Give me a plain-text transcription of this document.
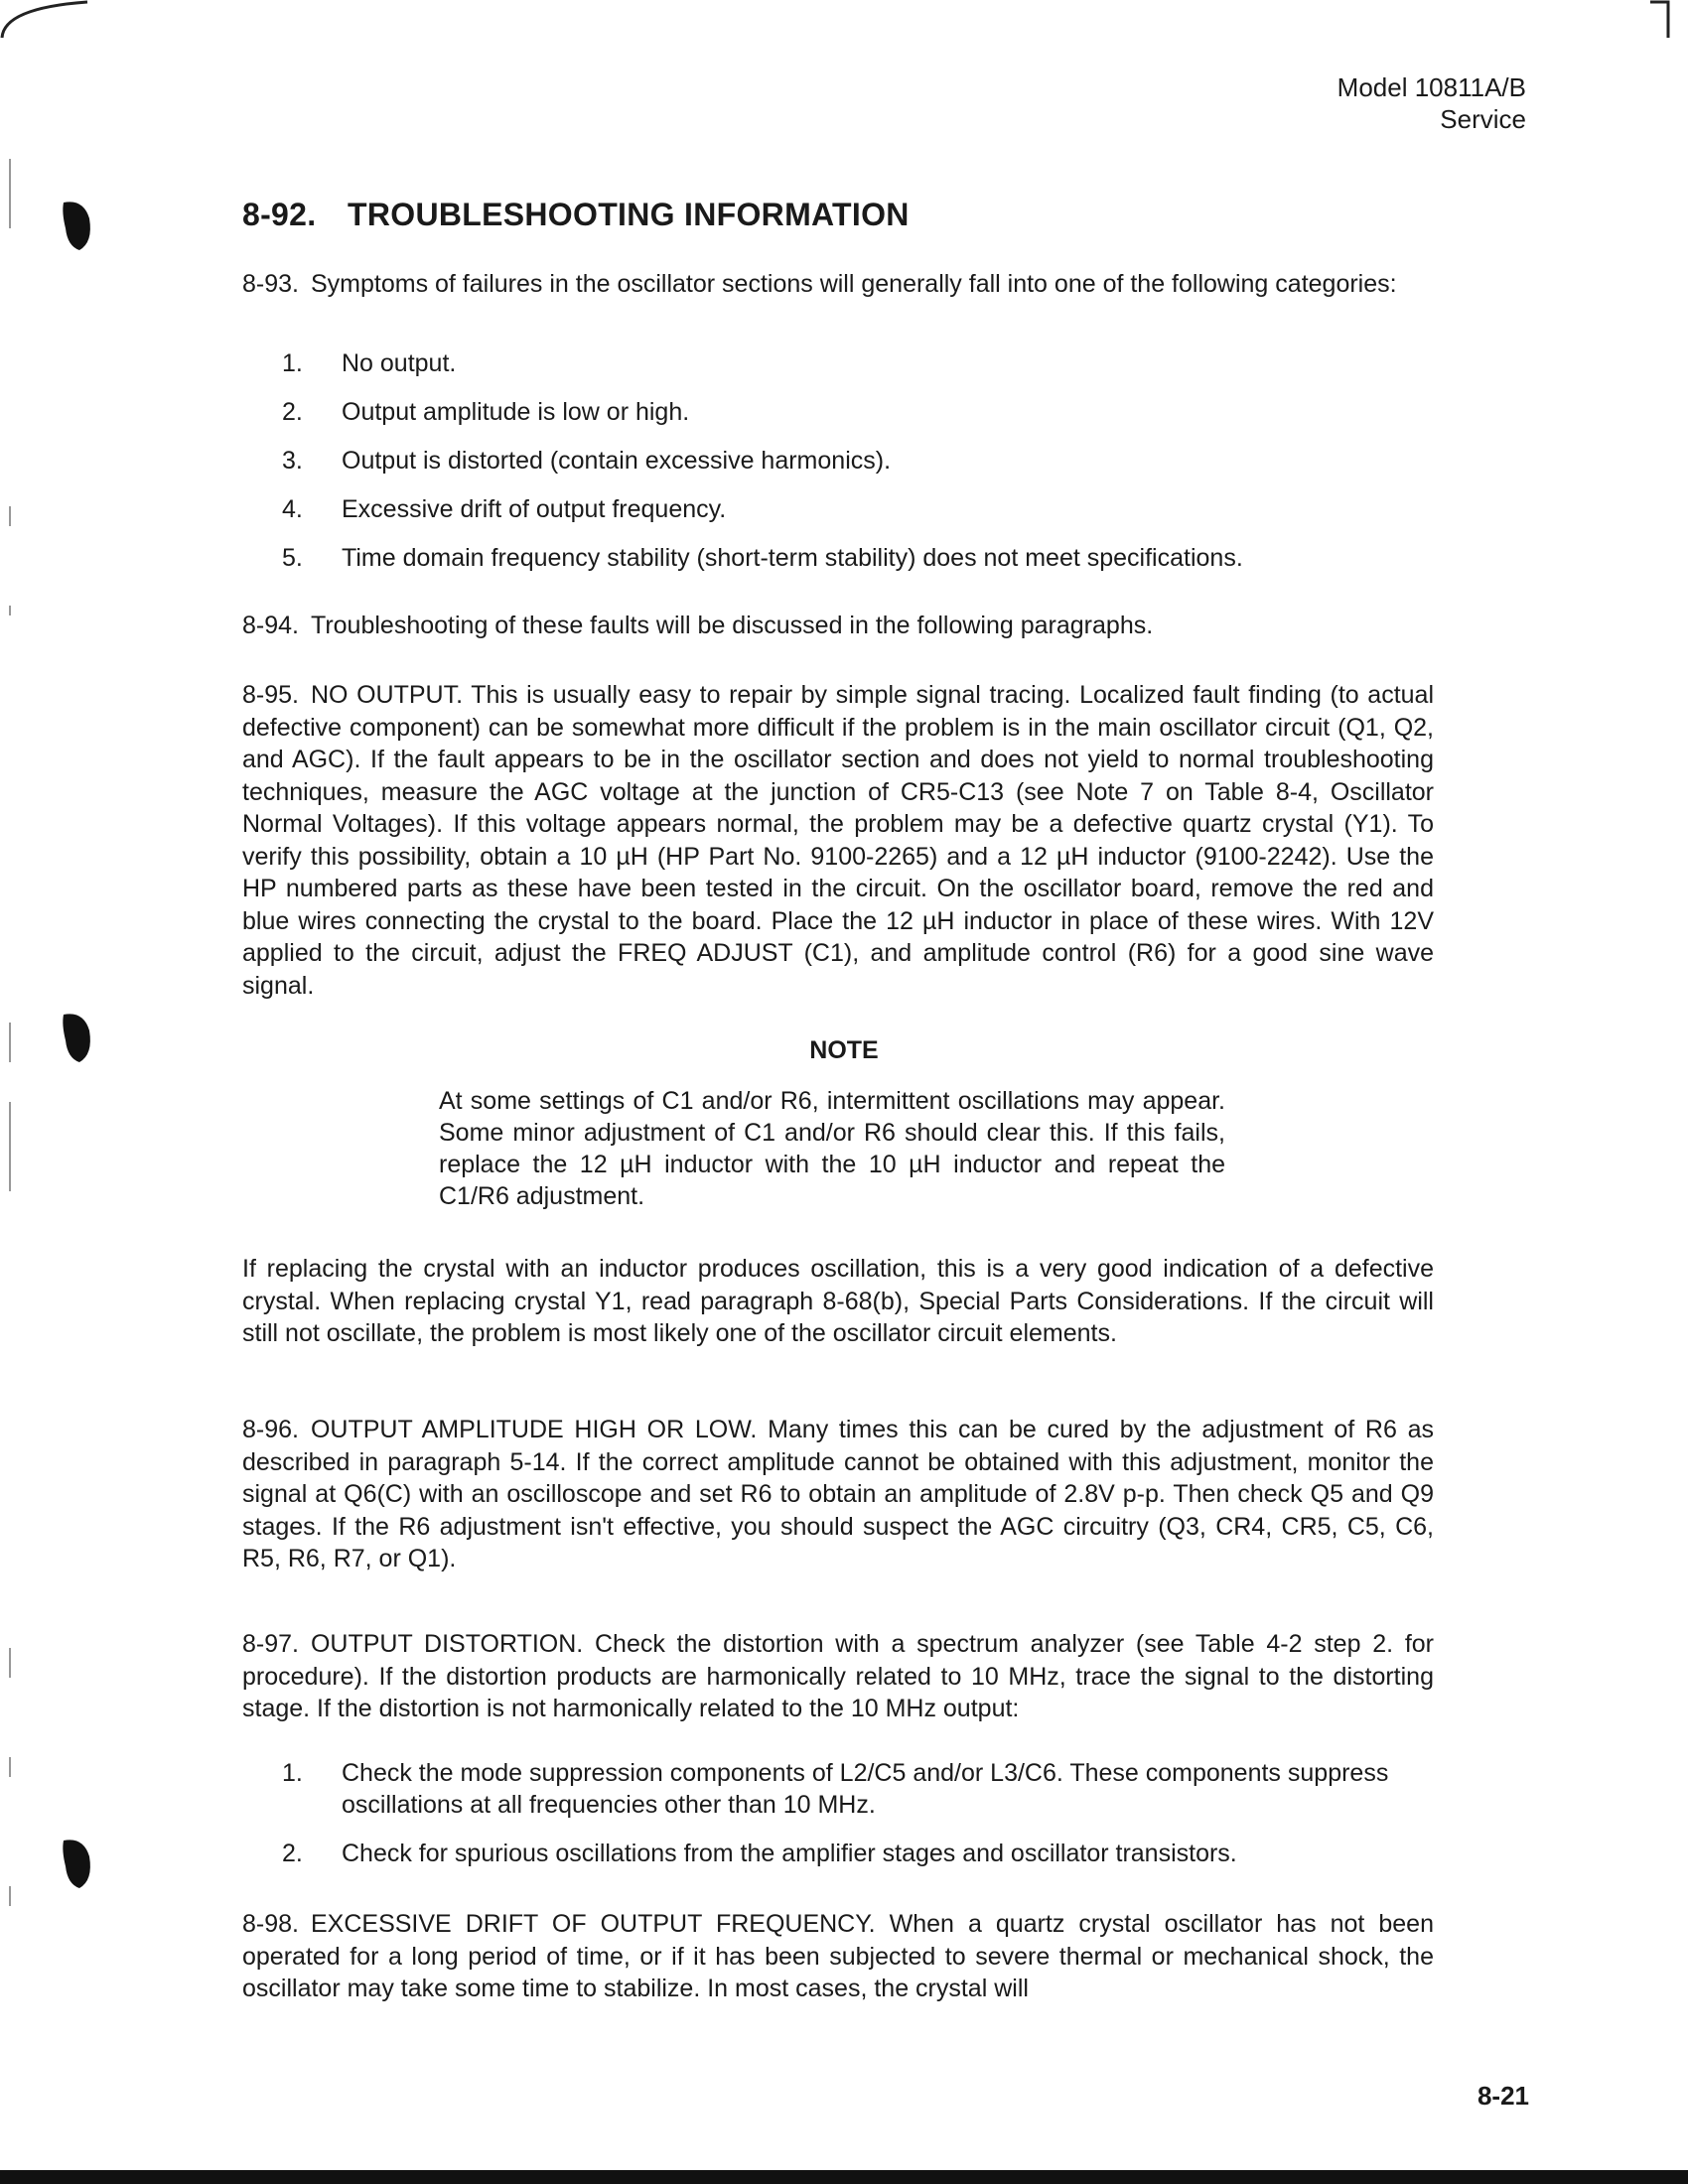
Model 10811A/B
Service
8-92. TROUBLESHOOTING INFORMATION
8-93. Symptoms of failures in the oscillator sections will generally fall into one of the following categories:
1. No output.
2. Output amplitude is low or high.
3. Output is distorted (contain excessive harmonics).
4. Excessive drift of output frequency.
5. Time domain frequency stability (short-term stability) does not meet specifications.
8-94. Troubleshooting of these faults will be discussed in the following paragraphs.
8-95. NO OUTPUT. This is usually easy to repair by simple signal tracing. Localized fault finding (to actual defective component) can be somewhat more difficult if the problem is in the main oscillator circuit (Q1, Q2, and AGC). If the fault appears to be in the oscillator section and does not yield to normal troubleshooting techniques, measure the AGC voltage at the junction of CR5-C13 (see Note 7 on Table 8-4, Oscillator Normal Voltages). If this voltage appears normal, the problem may be a defective quartz crystal (Y1). To verify this possibility, obtain a 10 µH (HP Part No. 9100-2265) and a 12 µH inductor (9100-2242). Use the HP numbered parts as these have been tested in the circuit. On the oscillator board, remove the red and blue wires connecting the crystal to the board. Place the 12 µH inductor in place of these wires. With 12V applied to the circuit, adjust the FREQ ADJUST (C1), and amplitude control (R6) for a good sine wave signal.
NOTE
At some settings of C1 and/or R6, intermittent oscillations may appear. Some minor adjustment of C1 and/or R6 should clear this. If this fails, replace the 12 µH inductor with the 10 µH inductor and repeat the C1/R6 adjustment.
If replacing the crystal with an inductor produces oscillation, this is a very good indication of a defective crystal. When replacing crystal Y1, read paragraph 8-68(b), Special Parts Considerations. If the circuit will still not oscillate, the problem is most likely one of the oscillator circuit elements.
8-96. OUTPUT AMPLITUDE HIGH OR LOW. Many times this can be cured by the adjustment of R6 as described in paragraph 5-14. If the correct amplitude cannot be obtained with this adjustment, monitor the signal at Q6(C) with an oscilloscope and set R6 to obtain an amplitude of 2.8V p-p. Then check Q5 and Q9 stages. If the R6 adjustment isn't effective, you should suspect the AGC circuitry (Q3, CR4, CR5, C5, C6, R5, R6, R7, or Q1).
8-97. OUTPUT DISTORTION. Check the distortion with a spectrum analyzer (see Table 4-2 step 2. for procedure). If the distortion products are harmonically related to 10 MHz, trace the signal to the distorting stage. If the distortion is not harmonically related to the 10 MHz output:
1. Check the mode suppression components of L2/C5 and/or L3/C6. These components suppress oscillations at all frequencies other than 10 MHz.
2. Check for spurious oscillations from the amplifier stages and oscillator transistors.
8-98. EXCESSIVE DRIFT OF OUTPUT FREQUENCY. When a quartz crystal oscillator has not been operated for a long period of time, or if it has been subjected to severe thermal or mechanical shock, the oscillator may take some time to stabilize. In most cases, the crystal will
8-21
